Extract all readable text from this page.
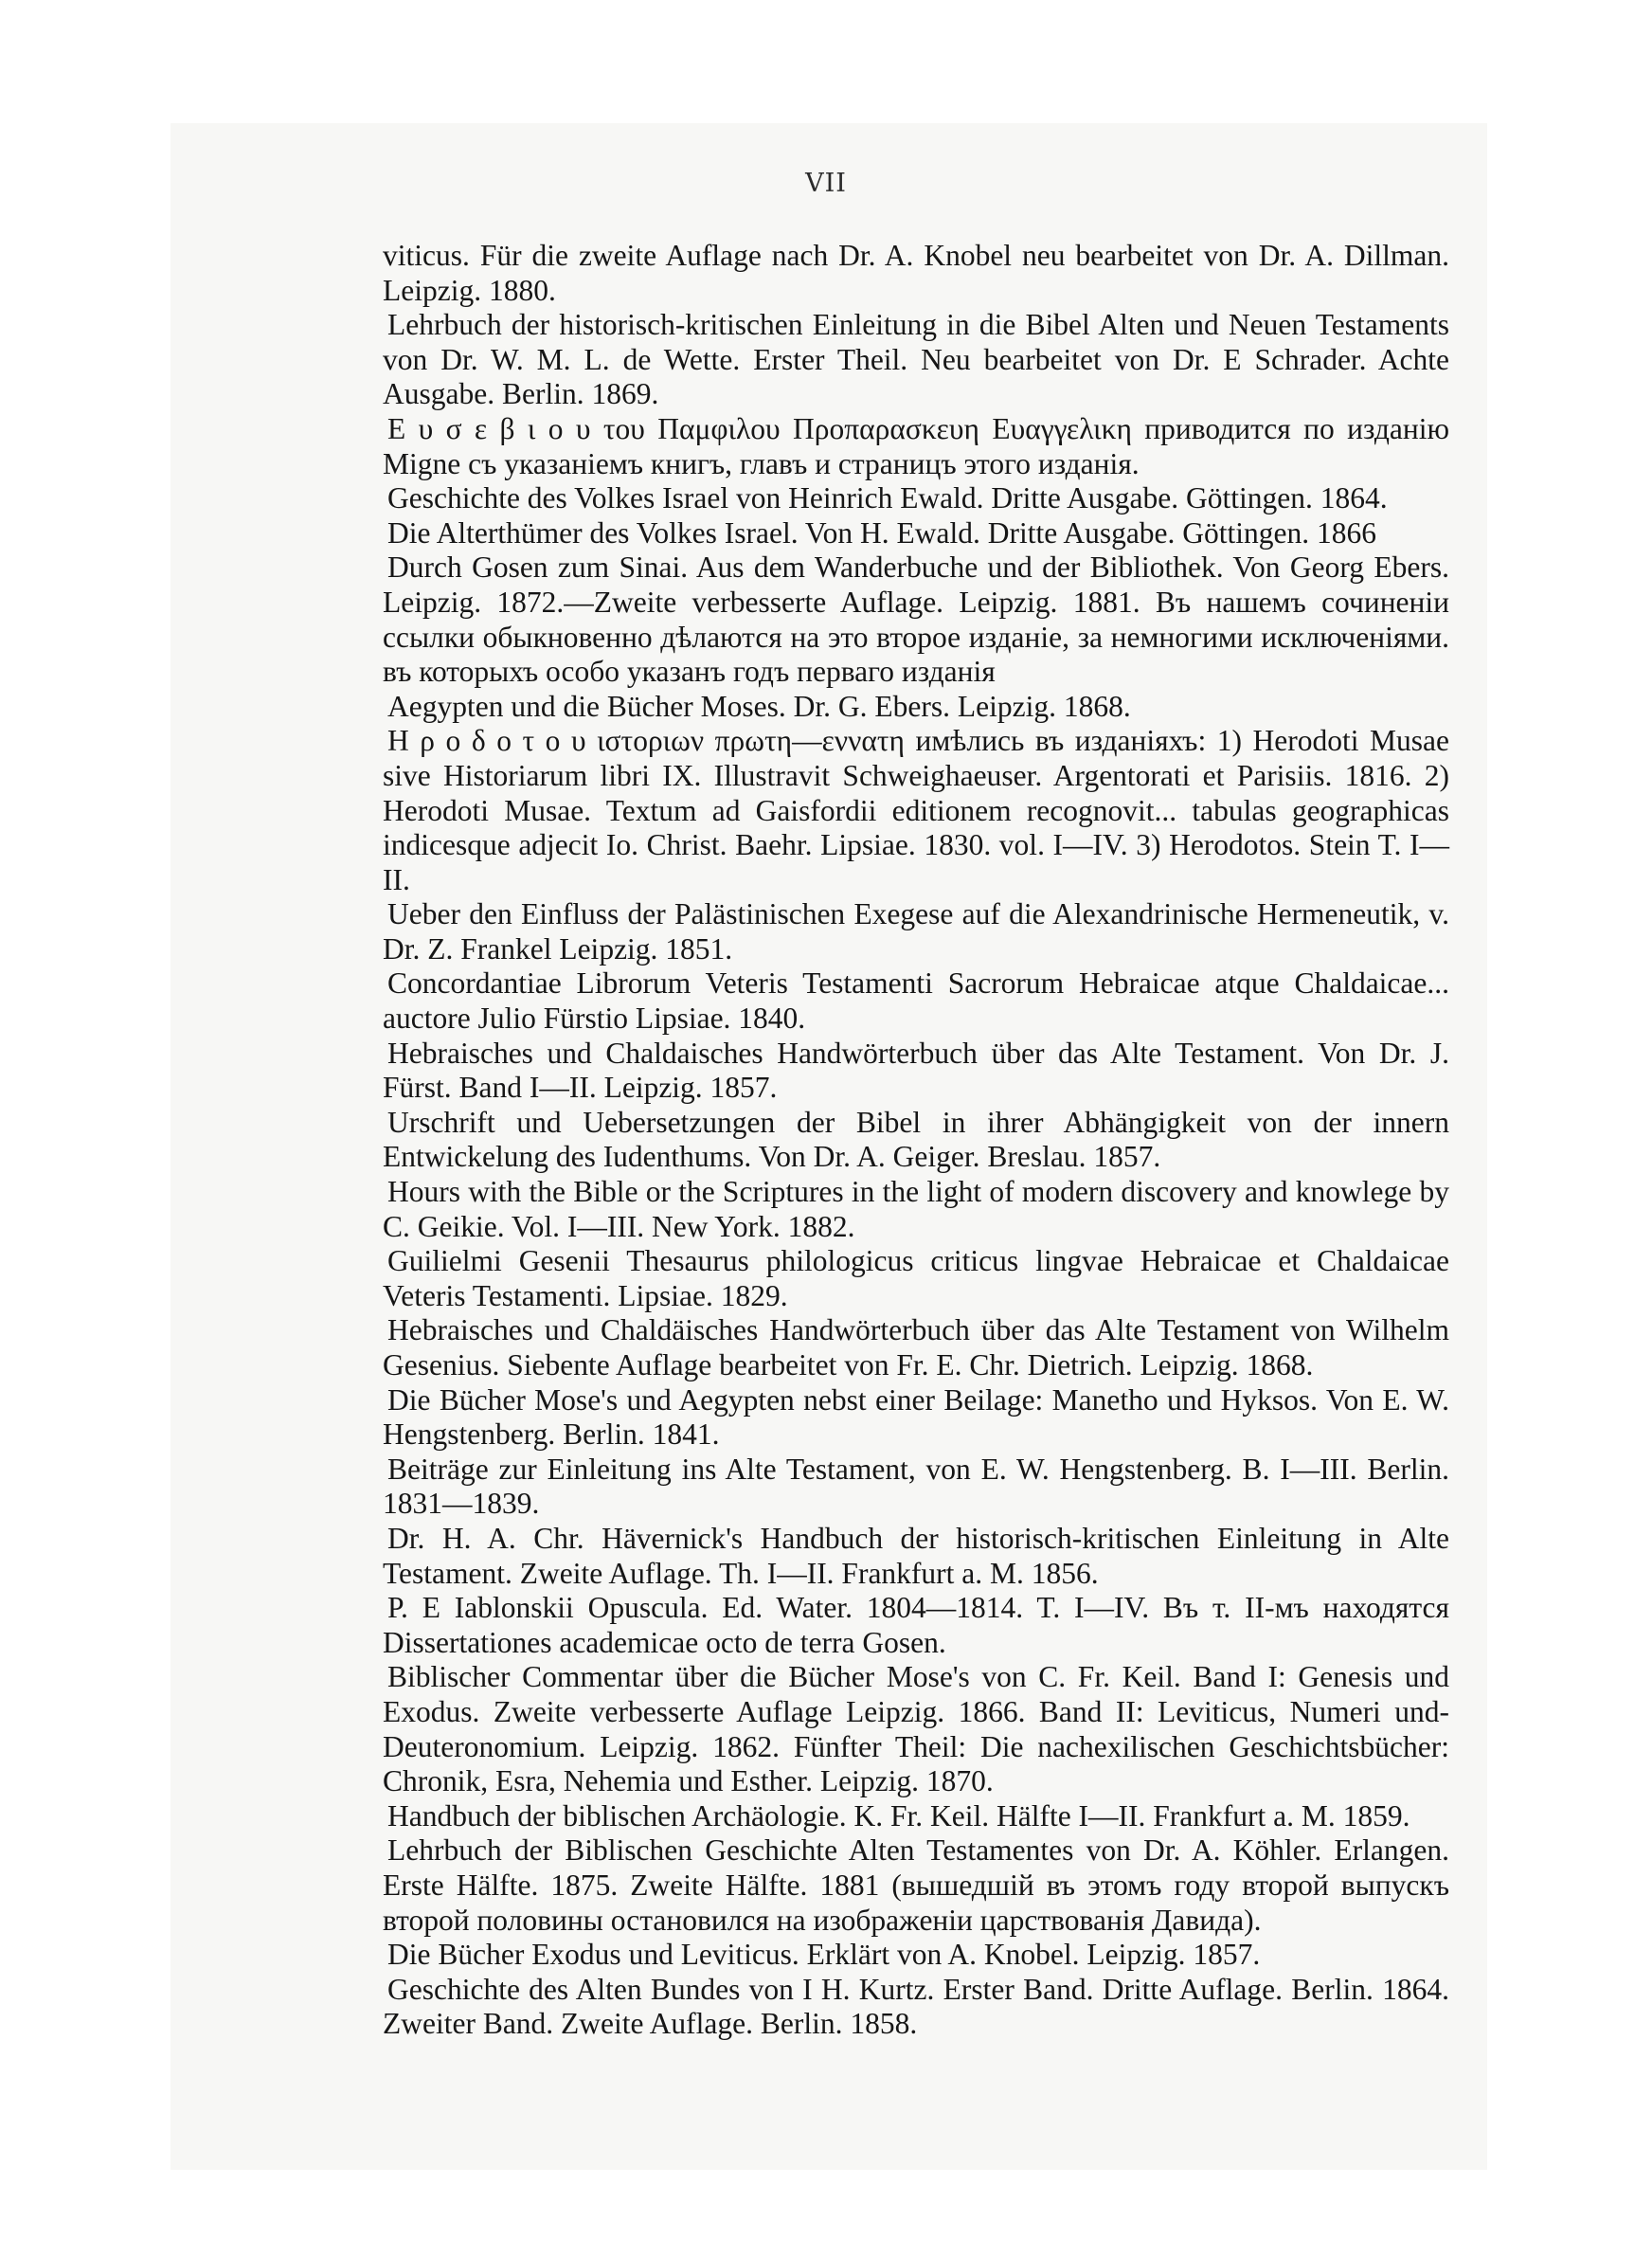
VII

viticus. Für die zweite Auflage nach Dr. A. Knobel neu bearbeitet von Dr. A. Dillman. Leipzig. 1880.

Lehrbuch der historisch-kritischen Einleitung in die Bibel Alten und Neuen Testaments von Dr. W. M. L. de Wette. Erster Theil. Neu bearbeitet von Dr. E Schrader. Achte Ausgabe. Berlin. 1869.

Ε υ σ ε β ι ο υ του Παμφιλου Προπαρασκευη Ευαγγελικη приводится по изданію Migne съ указаніемъ книгъ, главъ и страницъ этого изданія.

Geschichte des Volkes Israel von Heinrich Ewald. Dritte Ausgabe. Göttingen. 1864.

Die Alterthümer des Volkes Israel. Von H. Ewald. Dritte Ausgabe. Göttingen. 1866

Durch Gosen zum Sinai. Aus dem Wanderbuche und der Bibliothek. Von Georg Ebers. Leipzig. 1872.—Zweite verbesserte Auflage. Leipzig. 1881. Въ нашемъ сочиненіи ссылки обыкновенно дѣлаются на это второе изданіе, за немногими исключеніями. въ которыхъ особо указанъ годъ перваго изданія

Aegypten und die Bücher Moses. Dr. G. Ebers. Leipzig. 1868.

Η ρ ο δ ο τ ο υ ιστοριων πρωτη—εννατη имѣлись въ изданіяхъ: 1) Herodoti Musae sive Historiarum libri IX. Illustravit Schweighaeuser. Argentorati et Parisiis. 1816. 2) Herodoti Musae. Textum ad Gaisfordii editionem recognovit... tabulas geographicas indicesque adjecit Io. Christ. Baehr. Lipsiae. 1830. vol. I—IV. 3) Herodotos. Stein T. I—II.

Ueber den Einfluss der Palästinischen Exegese auf die Alexandrinische Hermeneutik, v. Dr. Z. Frankel Leipzig. 1851.

Concordantiae Librorum Veteris Testamenti Sacrorum Hebraicae atque Chaldaicae... auctore Julio Fürstio Lipsiae. 1840.

Hebraisches und Chaldaisches Handwörterbuch über das Alte Testament. Von Dr. J. Fürst. Band I—II. Leipzig. 1857.

Urschrift und Uebersetzungen der Bibel in ihrer Abhängigkeit von der innern Entwickelung des Iudenthums. Von Dr. A. Geiger. Breslau. 1857.

Hours with the Bible or the Scriptures in the light of modern discovery and knowlege by C. Geikie. Vol. I—III. New York. 1882.

Guilielmi Gesenii Thesaurus philologicus criticus lingvae Hebraicae et Chaldaicae Veteris Testamenti. Lipsiae. 1829.

Hebraisches und Chaldäisches Handwörterbuch über das Alte Testament von Wilhelm Gesenius. Siebente Auflage bearbeitet von Fr. E. Chr. Dietrich. Leipzig. 1868.

Die Bücher Mose's und Aegypten nebst einer Beilage: Manetho und Hyksos. Von E. W. Hengstenberg. Berlin. 1841.

Beiträge zur Einleitung ins Alte Testament, von E. W. Hengstenberg. B. I—III. Berlin. 1831—1839.

Dr. H. A. Chr. Hävernick's Handbuch der historisch-kritischen Einleitung in Alte Testament. Zweite Auflage. Th. I—II. Frankfurt a. M. 1856.

P. E Iablonskii Opuscula. Ed. Water. 1804—1814. T. I—IV. Въ т. II-мъ находятся Dissertationes academicae octo de terra Gosen.

Biblischer Commentar über die Bücher Mose's von C. Fr. Keil. Band I: Genesis und Exodus. Zweite verbesserte Auflage Leipzig. 1866. Band II: Leviticus, Numeri und-Deuteronomium. Leipzig. 1862. Fünfter Theil: Die nachexilischen Geschichtsbücher: Chronik, Esra, Nehemia und Esther. Leipzig. 1870.

Handbuch der biblischen Archäologie. K. Fr. Keil. Hälfte I—II. Frankfurt a. M. 1859.

Lehrbuch der Biblischen Geschichte Alten Testamentes von Dr. A. Köhler. Erlangen. Erste Hälfte. 1875. Zweite Hälfte. 1881 (вышедшій въ этомъ году второй выпускъ второй половины остановился на изображеніи царствованія Давида).

Die Bücher Exodus und Leviticus. Erklärt von A. Knobel. Leipzig. 1857.

Geschichte des Alten Bundes von I H. Kurtz. Erster Band. Dritte Auflage. Berlin. 1864. Zweiter Band. Zweite Auflage. Berlin. 1858.
